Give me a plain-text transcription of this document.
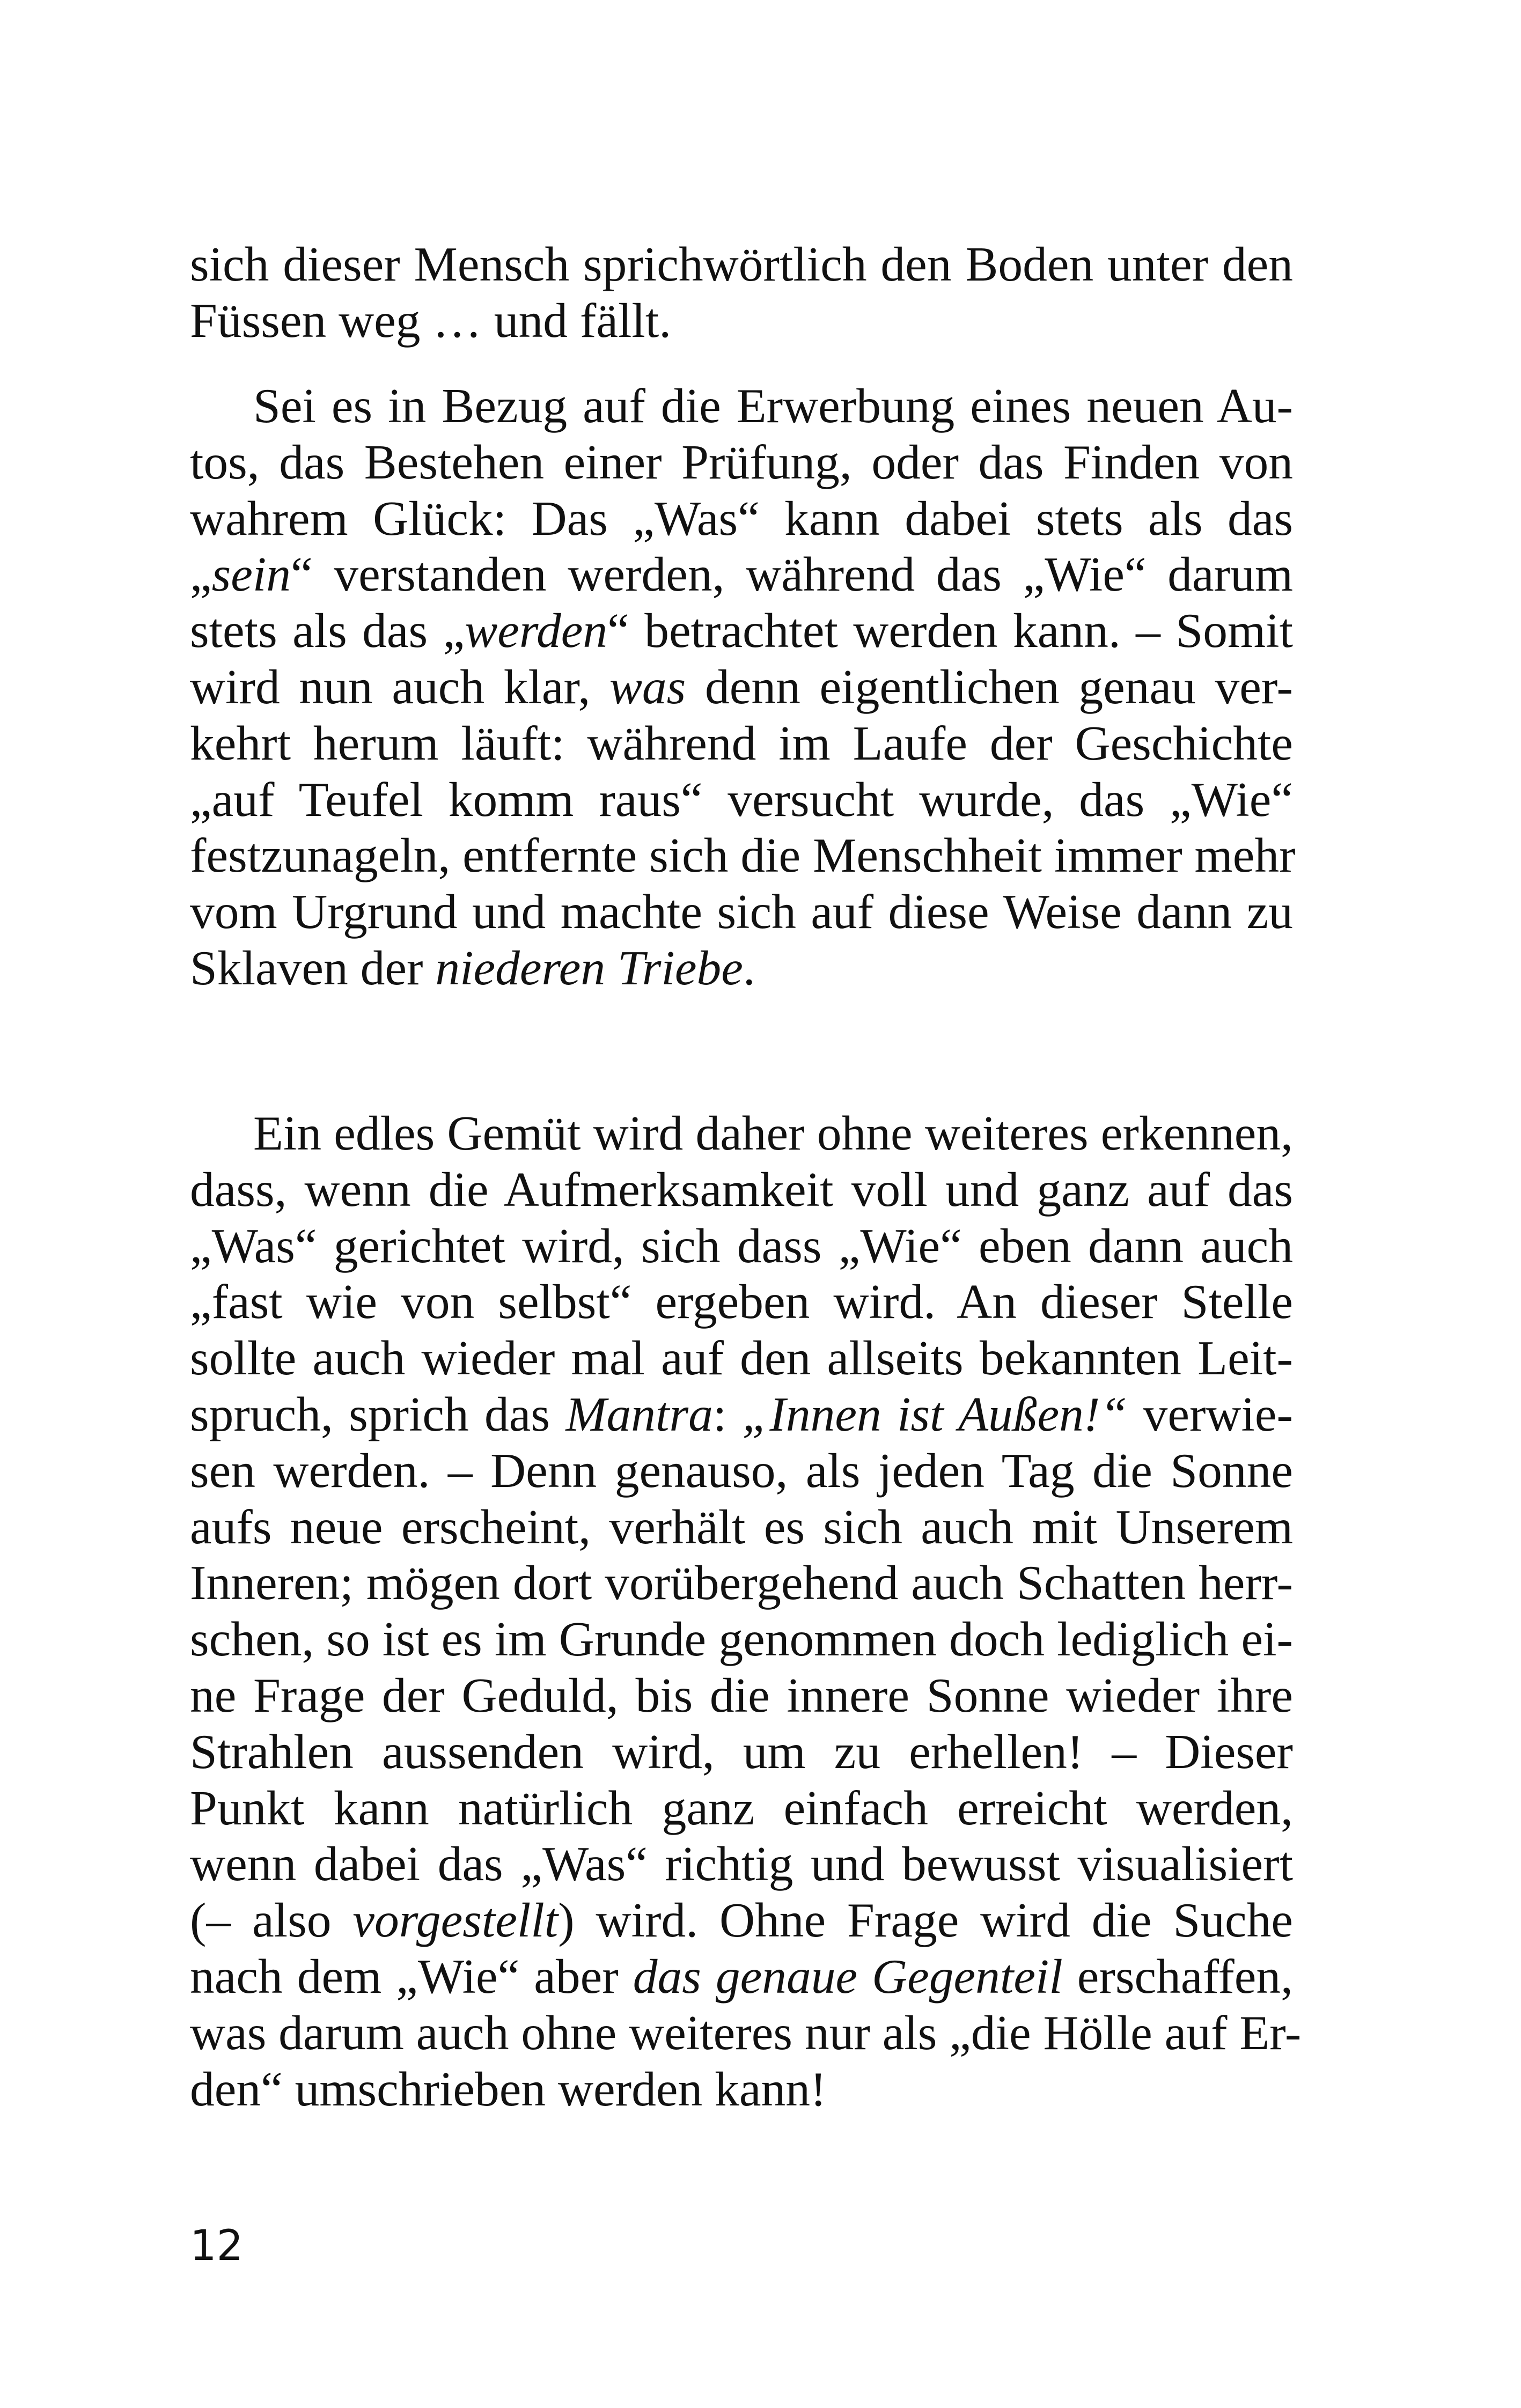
sich dieser Mensch sprichwörtlich den Boden unter den
Füssen weg … und fällt.

Sei es in Bezug auf die Erwerbung eines neuen Au-
tos, das Bestehen einer Prüfung, oder das Finden von
wahrem Glück: Das „Was“ kann dabei stets als das
„sein“ verstanden werden, während das „Wie“ darum
stets als das „werden“ betrachtet werden kann. – Somit
wird nun auch klar, was denn eigentlichen genau ver-
kehrt herum läuft: während im Laufe der Geschichte
„auf Teufel komm raus“ versucht wurde, das „Wie“
festzunageln, entfernte sich die Menschheit immer mehr
vom Urgrund und machte sich auf diese Weise dann zu
Sklaven der niederen Triebe.

Ein edles Gemüt wird daher ohne weiteres erkennen,
dass, wenn die Aufmerksamkeit voll und ganz auf das
„Was“ gerichtet wird, sich dass „Wie“ eben dann auch
„fast wie von selbst“ ergeben wird. An dieser Stelle
sollte auch wieder mal auf den allseits bekannten Leit-
spruch, sprich das Mantra: „Innen ist Außen!“ verwie-
sen werden. – Denn genauso, als jeden Tag die Sonne
aufs neue erscheint, verhält es sich auch mit Unserem
Inneren; mögen dort vorübergehend auch Schatten herr-
schen, so ist es im Grunde genommen doch lediglich ei-
ne Frage der Geduld, bis die innere Sonne wieder ihre
Strahlen aussenden wird, um zu erhellen! – Dieser
Punkt kann natürlich ganz einfach erreicht werden,
wenn dabei das „Was“ richtig und bewusst visualisiert
(– also vorgestellt) wird. Ohne Frage wird die Suche
nach dem „Wie“ aber das genaue Gegenteil erschaffen,
was darum auch ohne weiteres nur als „die Hölle auf Er-
den“ umschrieben werden kann!

12
